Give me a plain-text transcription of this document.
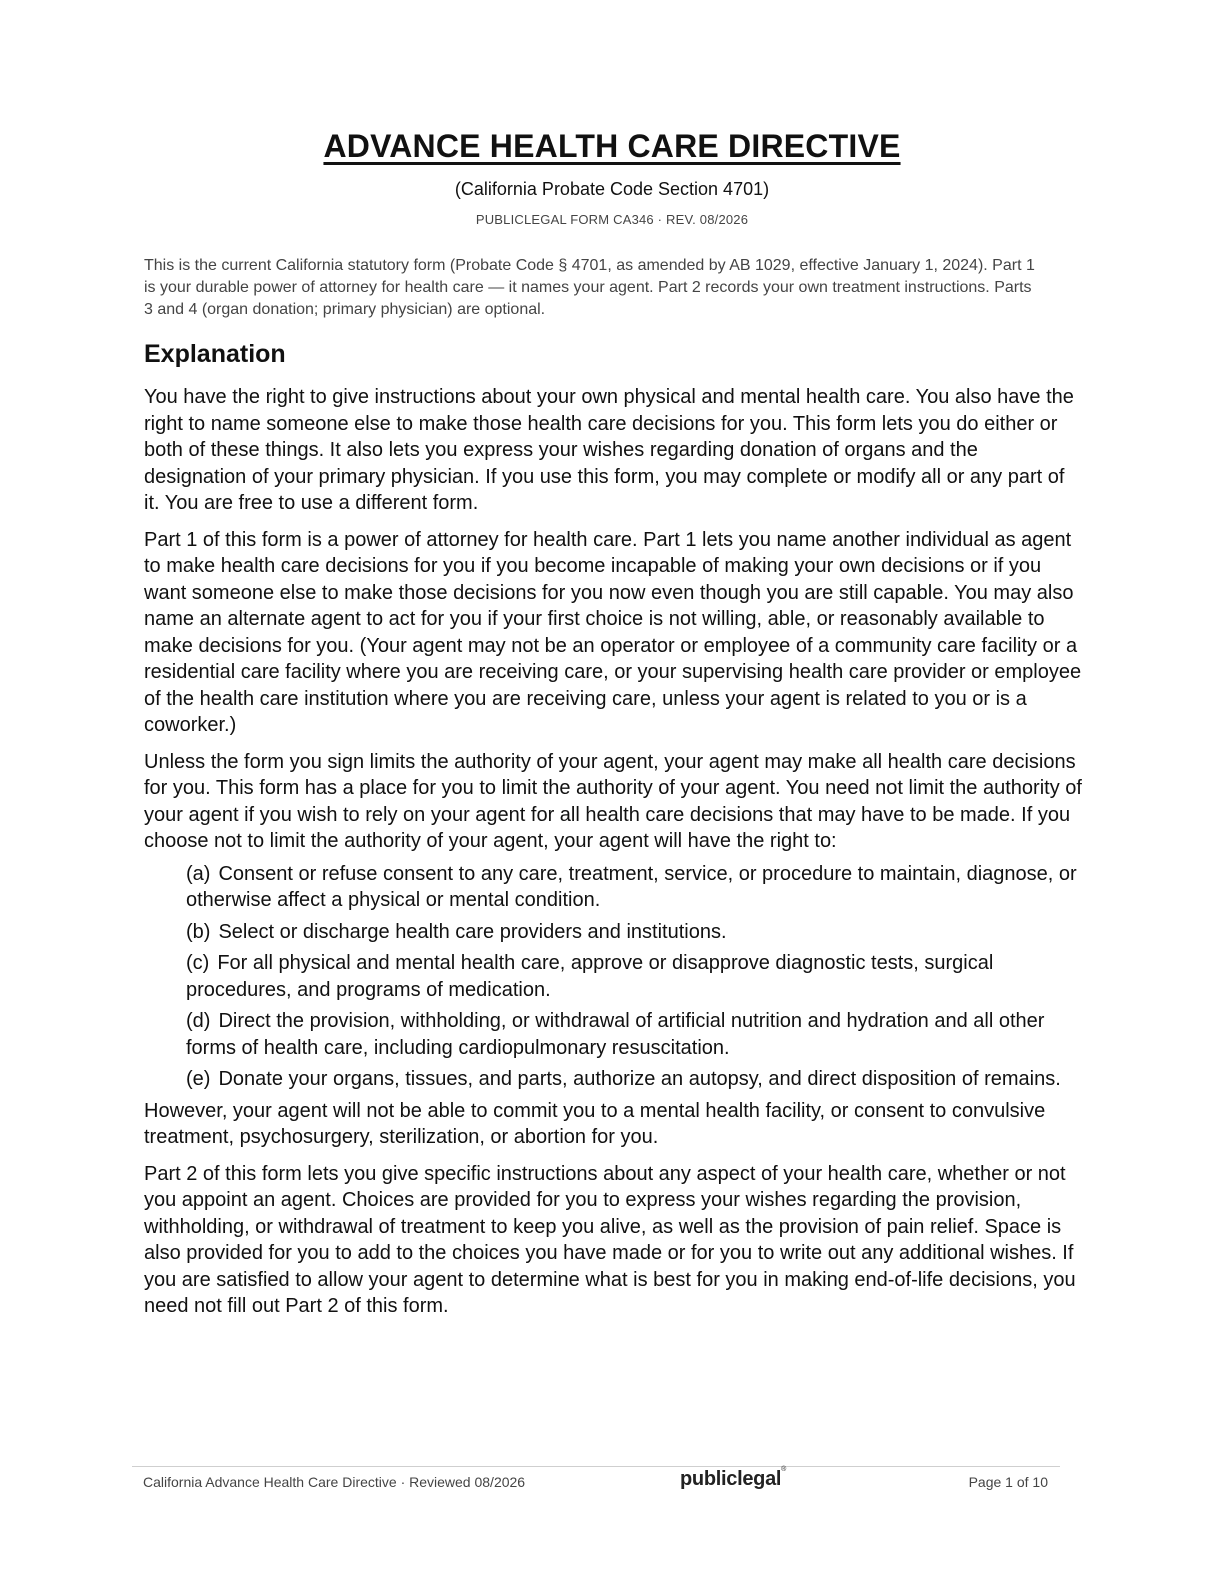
ADVANCE HEALTH CARE DIRECTIVE
(California Probate Code Section 4701)
PUBLICLEGAL FORM CA346 · REV. 08/2026
This is the current California statutory form (Probate Code § 4701, as amended by AB 1029, effective January 1, 2024). Part 1 is your durable power of attorney for health care — it names your agent. Part 2 records your own treatment instructions. Parts 3 and 4 (organ donation; primary physician) are optional.
Explanation

You have the right to give instructions about your own physical and mental health care. You also have the right to name someone else to make those health care decisions for you. This form lets you do either or both of these things. It also lets you express your wishes regarding donation of organs and the designation of your primary physician. If you use this form, you may complete or modify all or any part of it. You are free to use a different form.

Part 1 of this form is a power of attorney for health care. Part 1 lets you name another individual as agent to make health care decisions for you if you become incapable of making your own decisions or if you want someone else to make those decisions for you now even though you are still capable. You may also name an alternate agent to act for you if your first choice is not willing, able, or reasonably available to make decisions for you. (Your agent may not be an operator or employee of a community care facility or a residential care facility where you are receiving care, or your supervising health care provider or employee of the health care institution where you are receiving care, unless your agent is related to you or is a coworker.)

Unless the form you sign limits the authority of your agent, your agent may make all health care decisions for you. This form has a place for you to limit the authority of your agent. You need not limit the authority of your agent if you wish to rely on your agent for all health care decisions that may have to be made. If you choose not to limit the authority of your agent, your agent will have the right to:

(a) Consent or refuse consent to any care, treatment, service, or procedure to maintain, diagnose, or otherwise affect a physical or mental condition.
(b) Select or discharge health care providers and institutions.
(c) For all physical and mental health care, approve or disapprove diagnostic tests, surgical procedures, and programs of medication.
(d) Direct the provision, withholding, or withdrawal of artificial nutrition and hydration and all other forms of health care, including cardiopulmonary resuscitation.
(e) Donate your organs, tissues, and parts, authorize an autopsy, and direct disposition of remains.

However, your agent will not be able to commit you to a mental health facility, or consent to convulsive treatment, psychosurgery, sterilization, or abortion for you.

Part 2 of this form lets you give specific instructions about any aspect of your health care, whether or not you appoint an agent. Choices are provided for you to express your wishes regarding the provision, withholding, or withdrawal of treatment to keep you alive, as well as the provision of pain relief. Space is also provided for you to add to the choices you have made or for you to write out any additional wishes. If you are satisfied to allow your agent to determine what is best for you in making end-of-life decisions, you need not fill out Part 2 of this form.

California Advance Health Care Directive · Reviewed 08/2026	publiclegal®
Page 1 of 10
